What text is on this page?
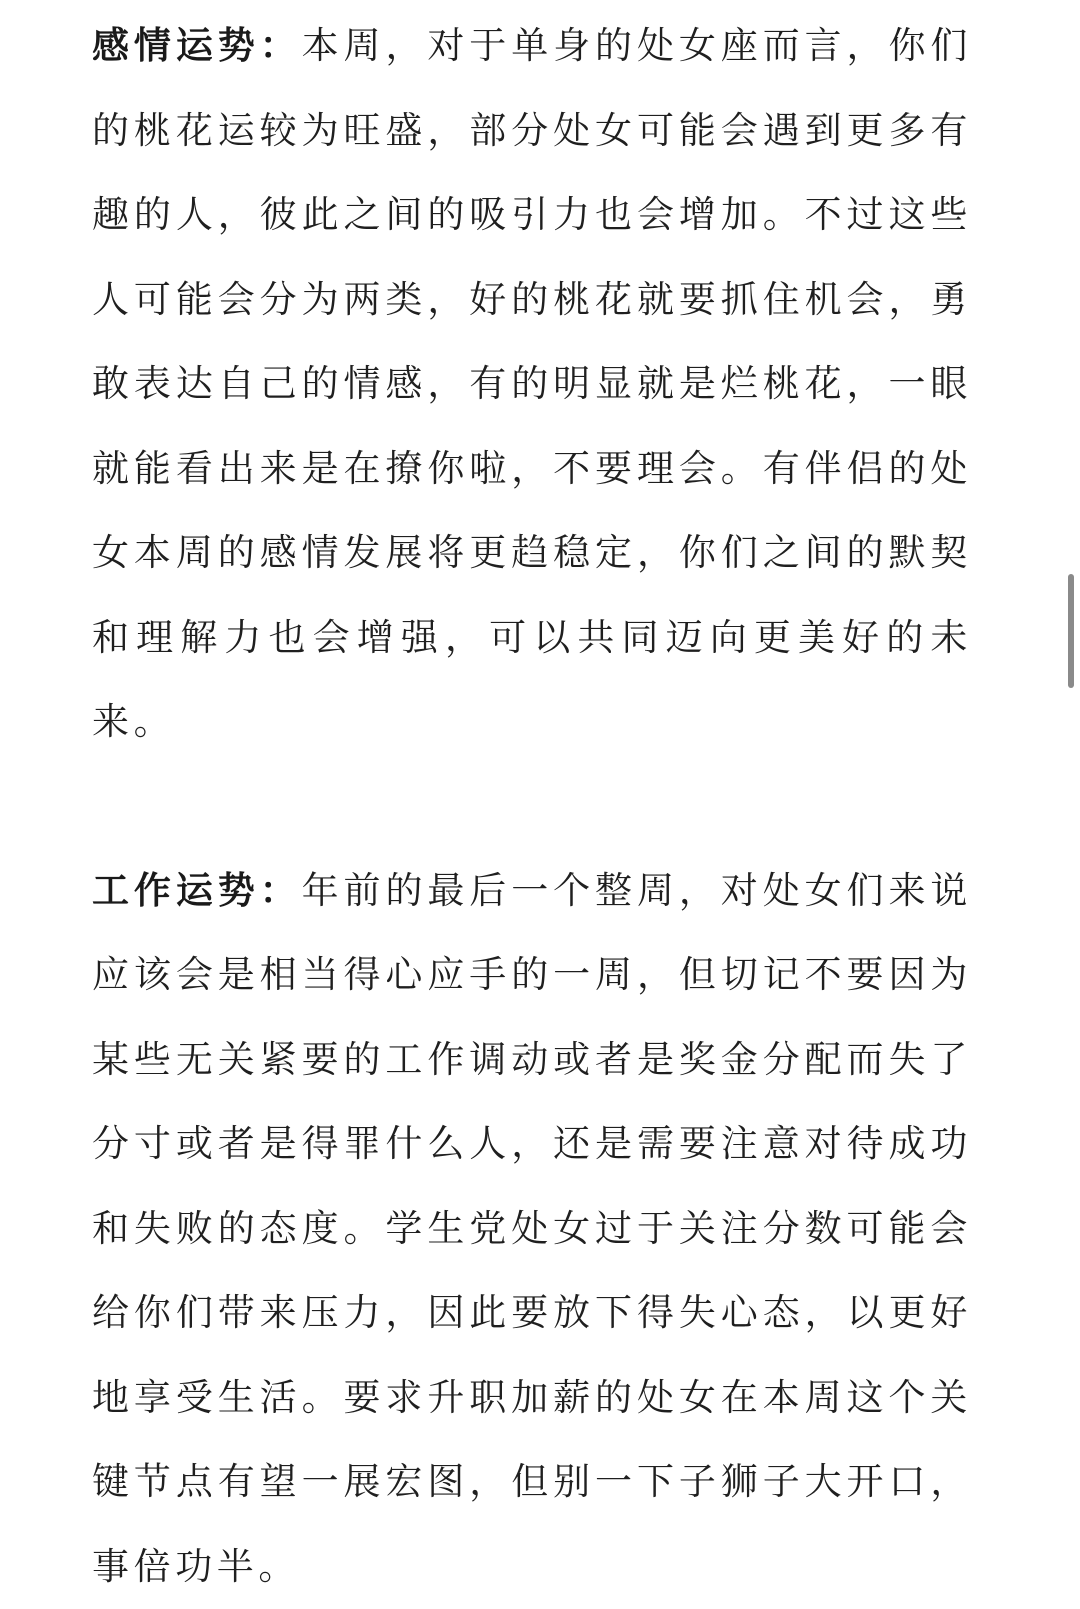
感情运势：本周，对于单身的处女座而言，你们的桃花运较为旺盛，部分处女可能会遇到更多有趣的人，彼此之间的吸引力也会增加。不过这些人可能会分为两类，好的桃花就要抓住机会，勇敢表达自己的情感，有的明显就是烂桃花，一眼就能看出来是在撩你啦，不要理会。有伴侣的处女本周的感情发展将更趋稳定，你们之间的默契和理解力也会增强，可以共同迈向更美好的未来。

工作运势：年前的最后一个整周，对处女们来说应该会是相当得心应手的一周，但切记不要因为某些无关紧要的工作调动或者是奖金分配而失了分寸或者是得罪什么人，还是需要注意对待成功和失败的态度。学生党处女过于关注分数可能会给你们带来压力，因此要放下得失心态，以更好地享受生活。要求升职加薪的处女在本周这个关键节点有望一展宏图，但别一下子狮子大开口，事倍功半。
